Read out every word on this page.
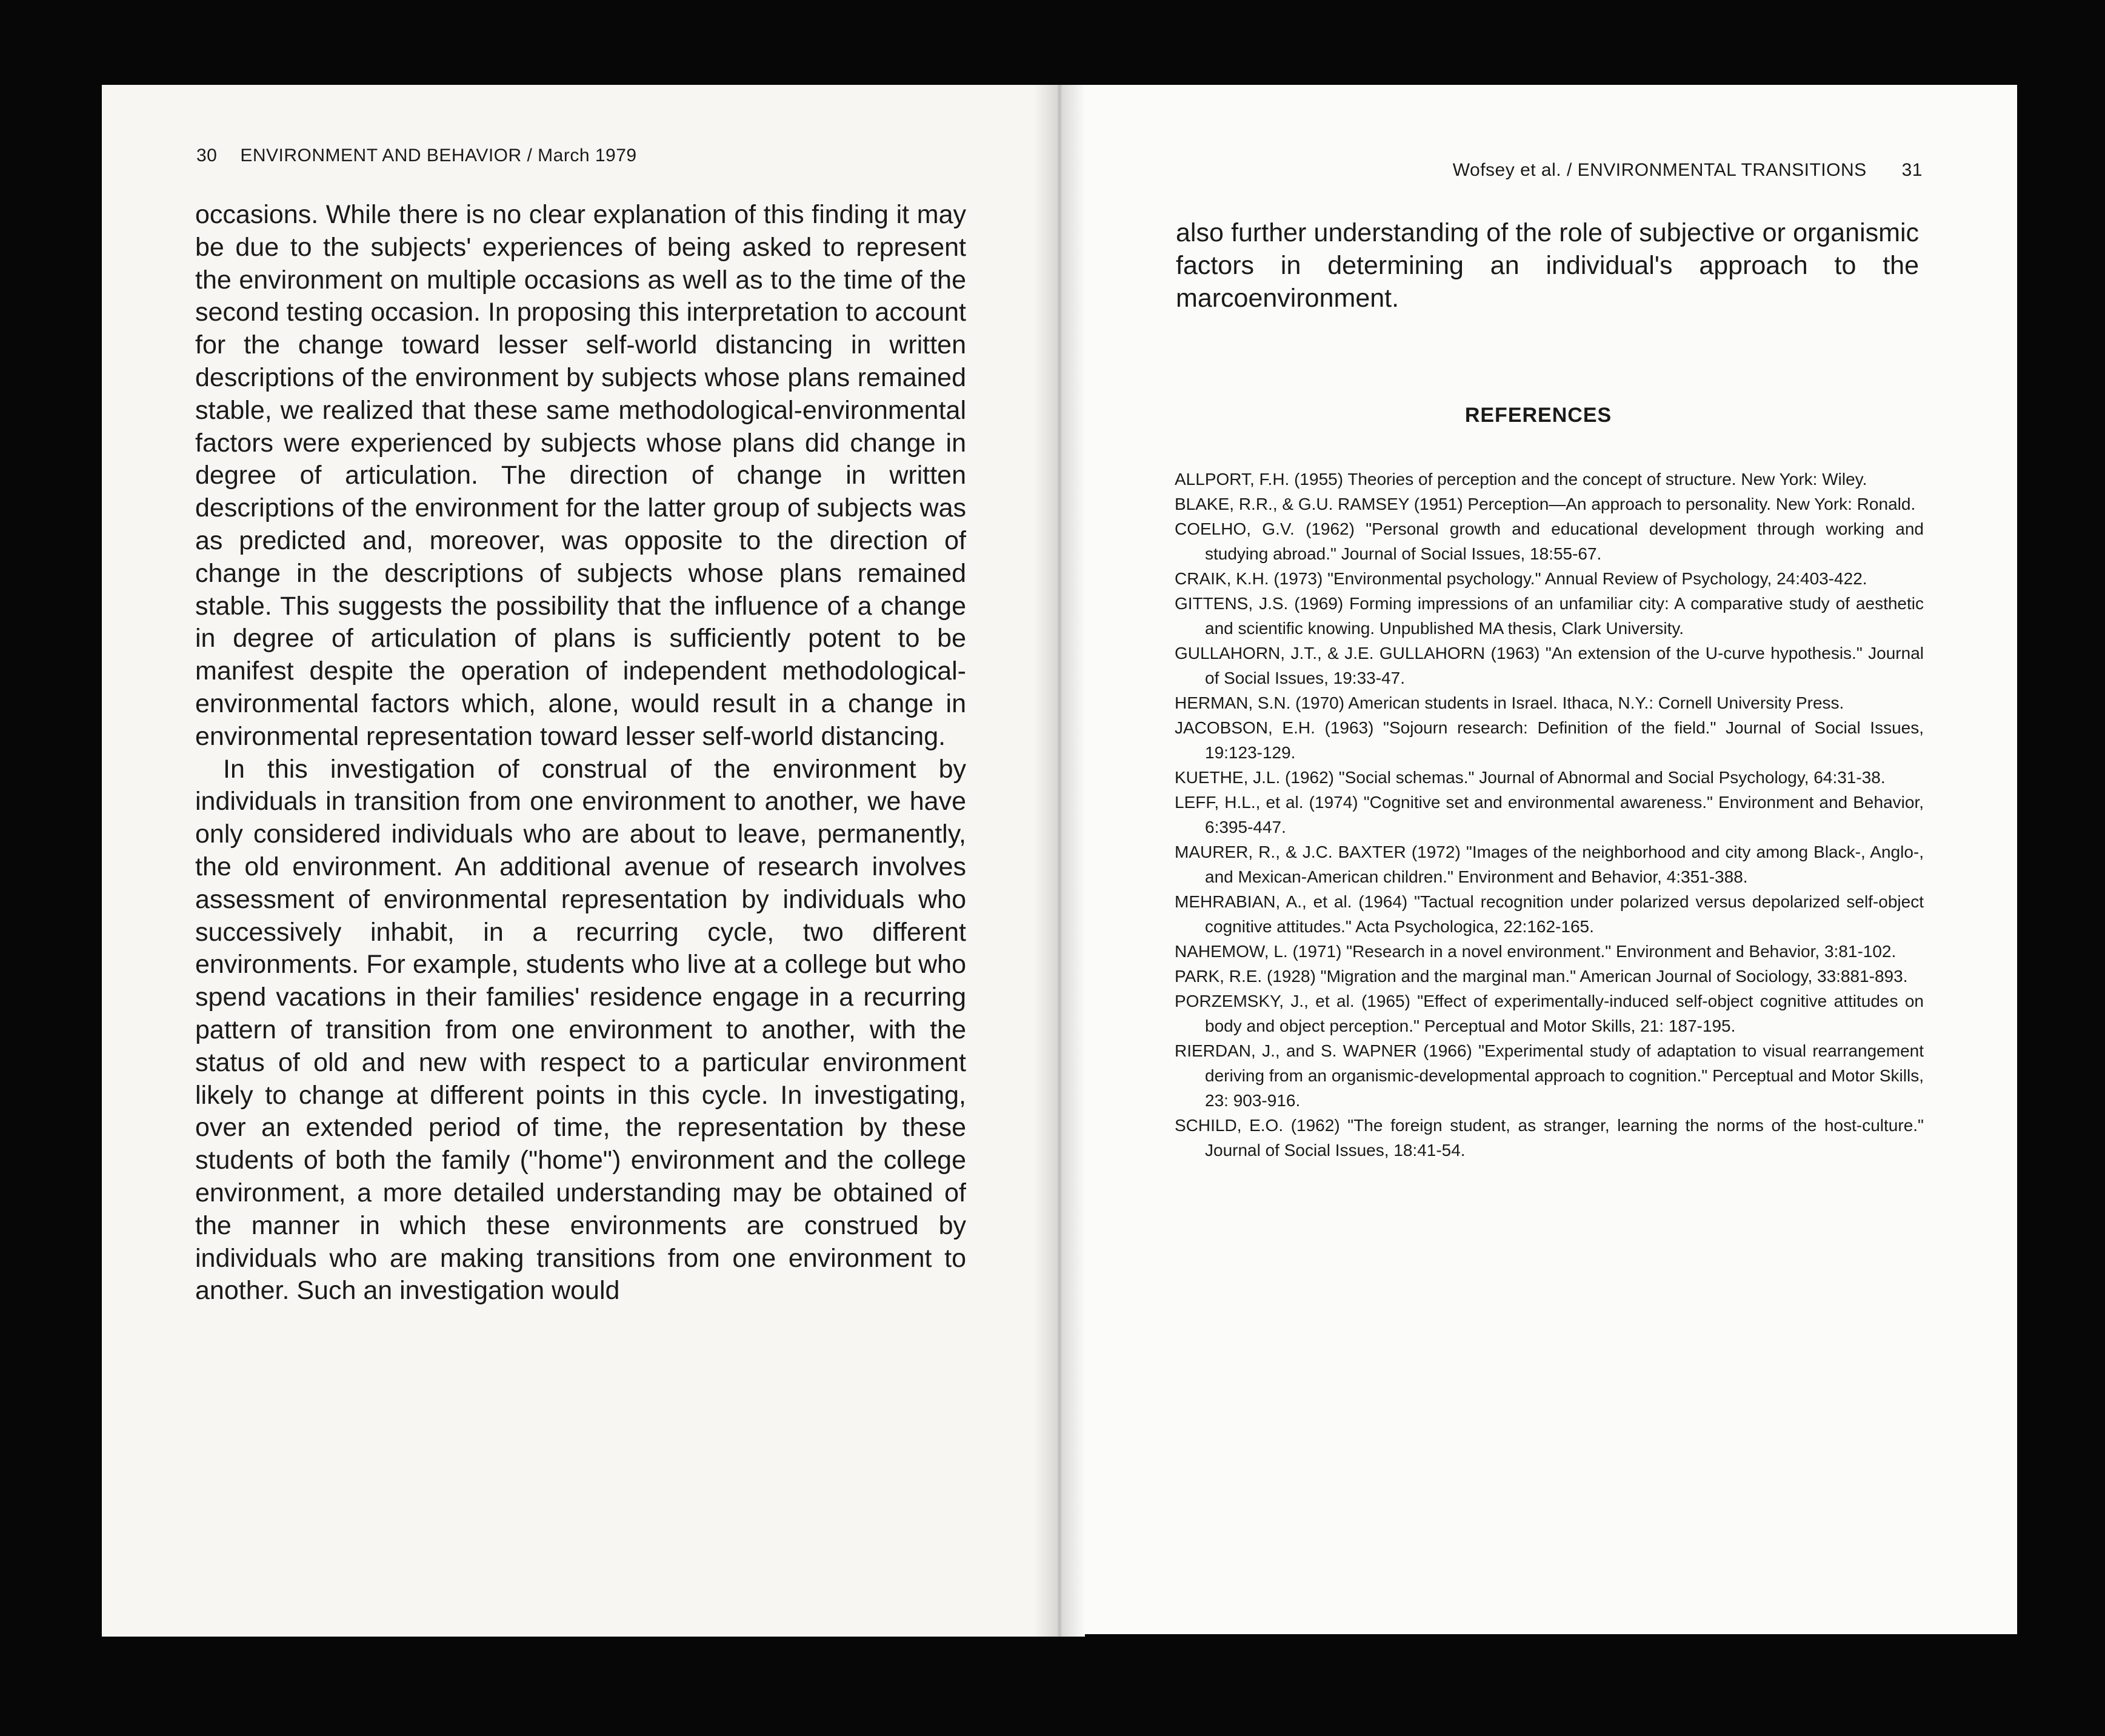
30 ENVIRONMENT AND BEHAVIOR / March 1979

occasions. While there is no clear explanation of this finding it may be due to the subjects' experiences of being asked to represent the environment on multiple occasions as well as to the time of the second testing occasion. In proposing this interpretation to account for the change toward lesser self-world distancing in written descriptions of the environment by subjects whose plans remained stable, we realized that these same methodological-environmental factors were experienced by subjects whose plans did change in degree of articulation. The direction of change in written descriptions of the environment for the latter group of subjects was as predicted and, moreover, was opposite to the direction of change in the descriptions of subjects whose plans remained stable. This suggests the possibility that the influence of a change in degree of articulation of plans is sufficiently potent to be manifest despite the operation of independent methodological-environmental factors which, alone, would result in a change in environmental representation toward lesser self-world distancing.

In this investigation of construal of the environment by individuals in transition from one environment to another, we have only considered individuals who are about to leave, permanently, the old environment. An additional avenue of research involves assessment of environmental representation by individuals who successively inhabit, in a recurring cycle, two different environments. For example, students who live at a college but who spend vacations in their families' residence engage in a recurring pattern of transition from one environment to another, with the status of old and new with respect to a particular environment likely to change at different points in this cycle. In investigating, over an extended period of time, the representation by these students of both the family ("home") environment and the college environment, a more detailed understanding may be obtained of the manner in which these environments are construed by individuals who are making transitions from one environment to another. Such an investigation would

Wofsey et al. / ENVIRONMENTAL TRANSITIONS 31

also further understanding of the role of subjective or organismic factors in determining an individual's approach to the marcoenvironment.

REFERENCES

ALLPORT, F.H. (1955) Theories of perception and the concept of structure. New York: Wiley.

BLAKE, R.R., & G.U. RAMSEY (1951) Perception—An approach to personality. New York: Ronald.

COELHO, G.V. (1962) "Personal growth and educational development through working and studying abroad." Journal of Social Issues, 18:55-67.

CRAIK, K.H. (1973) "Environmental psychology." Annual Review of Psychology, 24:403-422.

GITTENS, J.S. (1969) Forming impressions of an unfamiliar city: A comparative study of aesthetic and scientific knowing. Unpublished MA thesis, Clark University.

GULLAHORN, J.T., & J.E. GULLAHORN (1963) "An extension of the U-curve hypothesis." Journal of Social Issues, 19:33-47.

HERMAN, S.N. (1970) American students in Israel. Ithaca, N.Y.: Cornell University Press.

JACOBSON, E.H. (1963) "Sojourn research: Definition of the field." Journal of Social Issues, 19:123-129.

KUETHE, J.L. (1962) "Social schemas." Journal of Abnormal and Social Psychology, 64:31-38.

LEFF, H.L., et al. (1974) "Cognitive set and environmental awareness." Environment and Behavior, 6:395-447.

MAURER, R., & J.C. BAXTER (1972) "Images of the neighborhood and city among Black-, Anglo-, and Mexican-American children." Environment and Behavior, 4:351-388.

MEHRABIAN, A., et al. (1964) "Tactual recognition under polarized versus depolarized self-object cognitive attitudes." Acta Psychologica, 22:162-165.

NAHEMOW, L. (1971) "Research in a novel environment." Environment and Behavior, 3:81-102.

PARK, R.E. (1928) "Migration and the marginal man." American Journal of Sociology, 33:881-893.

PORZEMSKY, J., et al. (1965) "Effect of experimentally-induced self-object cognitive attitudes on body and object perception." Perceptual and Motor Skills, 21: 187-195.

RIERDAN, J., and S. WAPNER (1966) "Experimental study of adaptation to visual rearrangement deriving from an organismic-developmental approach to cognition." Perceptual and Motor Skills, 23: 903-916.

SCHILD, E.O. (1962) "The foreign student, as stranger, learning the norms of the host-culture." Journal of Social Issues, 18:41-54.
